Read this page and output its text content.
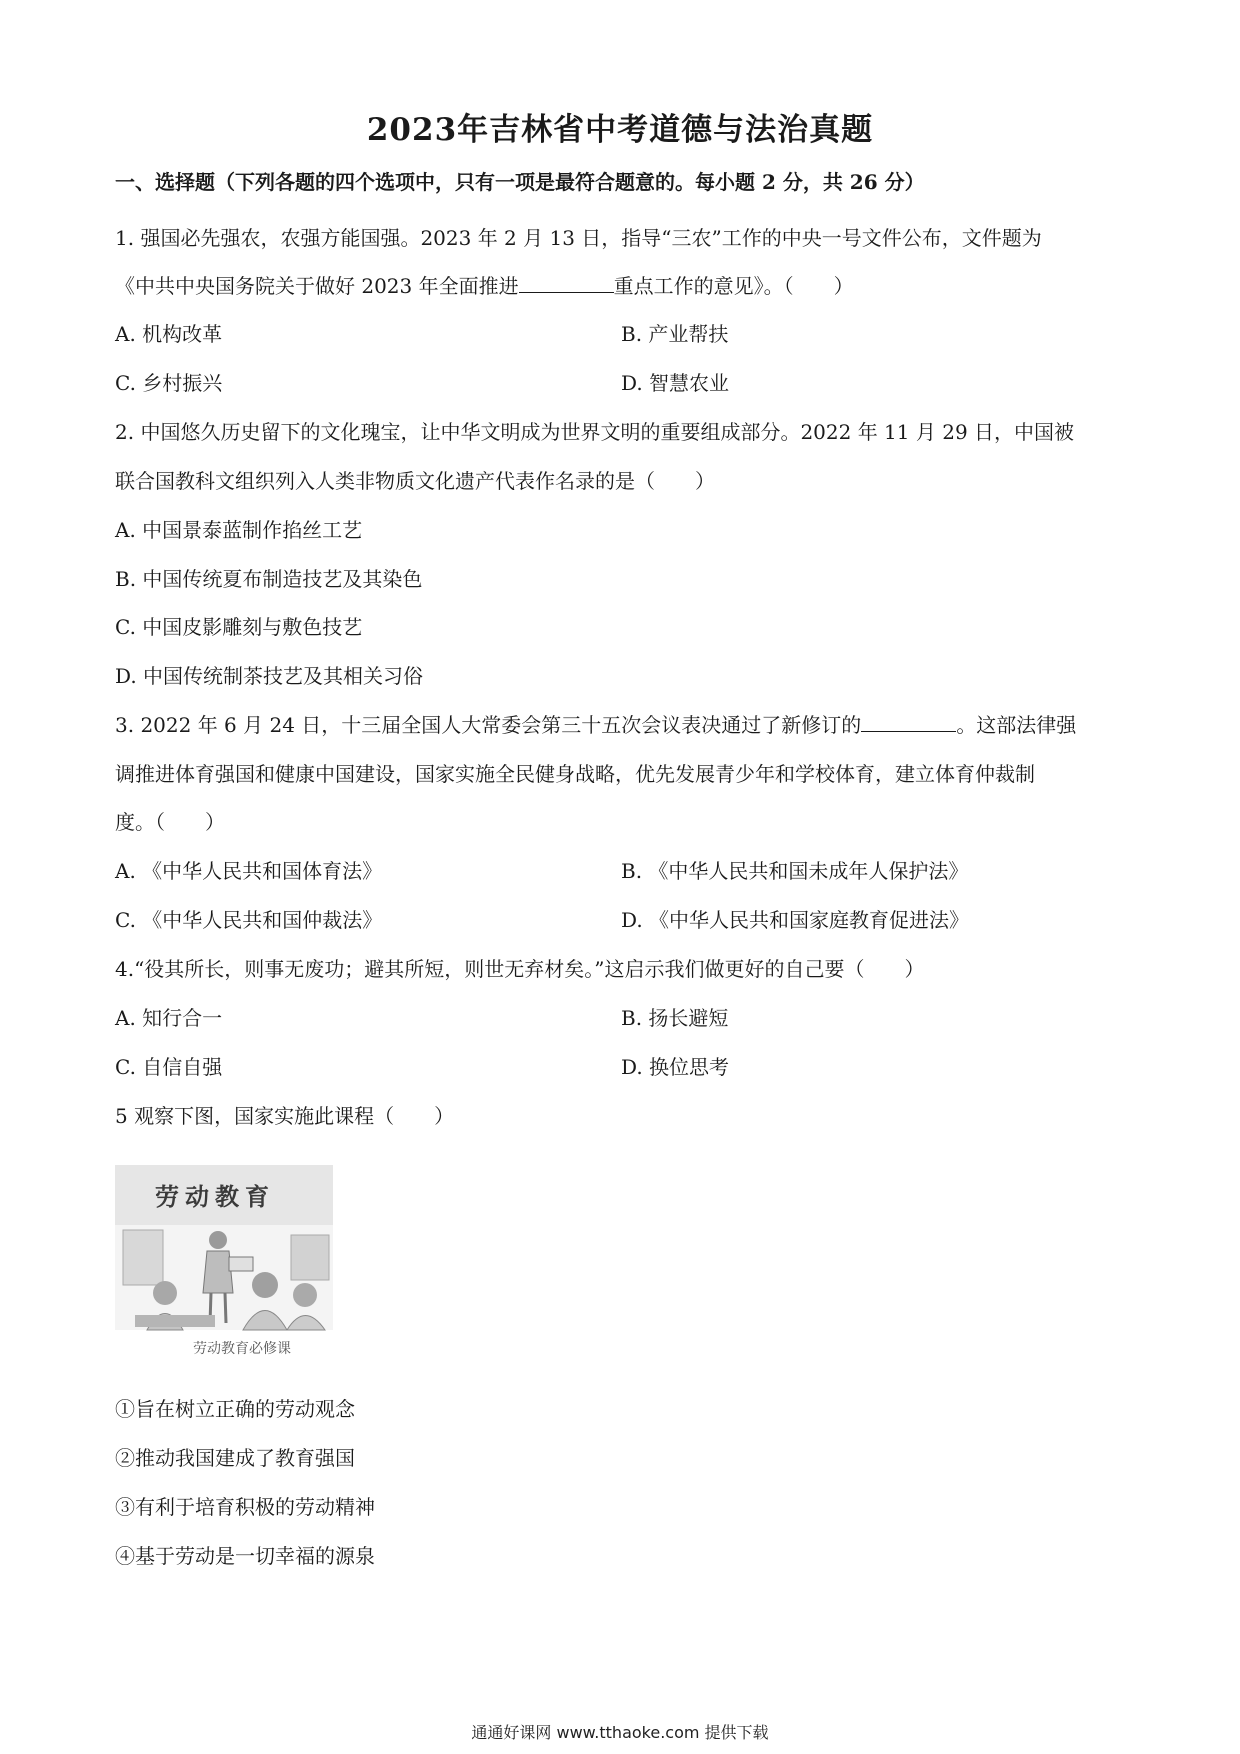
2023年吉林省中考道德与法治真题
一、选择题（下列各题的四个选项中，只有一项是最符合题意的。每小题 2 分，共 26 分）
1. 强国必先强农，农强方能国强。2023 年 2 月 13 日，指导“三农”工作的中央一号文件公布，文件题为
《中共中央国务院关于做好 2023 年全面推进	重点工作的意见》。（　　）
A. 机构改革	B. 产业帮扶
C. 乡村振兴	D. 智慧农业
2. 中国悠久历史留下的文化瑰宝，让中华文明成为世界文明的重要组成部分。2022 年 11 月 29 日，中国被
联合国教科文组织列入人类非物质文化遗产代表作名录的是（　　）
A. 中国景泰蓝制作掐丝工艺
B. 中国传统夏布制造技艺及其染色
C. 中国皮影雕刻与敷色技艺
D. 中国传统制茶技艺及其相关习俗
3. 2022 年 6 月 24 日，十三届全国人大常委会第三十五次会议表决通过了新修订的	。这部法律强
调推进体育强国和健康中国建设，国家实施全民健身战略，优先发展青少年和学校体育，建立体育仲裁制
度。（　　）
A. 《中华人民共和国体育法》	B. 《中华人民共和国未成年人保护法》
C. 《中华人民共和国仲裁法》	D. 《中华人民共和国家庭教育促进法》
4.“役其所长，则事无废功；避其所短，则世无弃材矣。”这启示我们做更好的自己要（　　）
A. 知行合一	B. 扬长避短
C. 自信自强	D. 换位思考
5 观察下图，国家实施此课程（　　）
劳动教育
劳动教育必修课
①旨在树立正确的劳动观念
②推动我国建成了教育强国
③有利于培育积极的劳动精神
④基于劳动是一切幸福的源泉
通通好课网 www.tthaoke.com 提供下载
